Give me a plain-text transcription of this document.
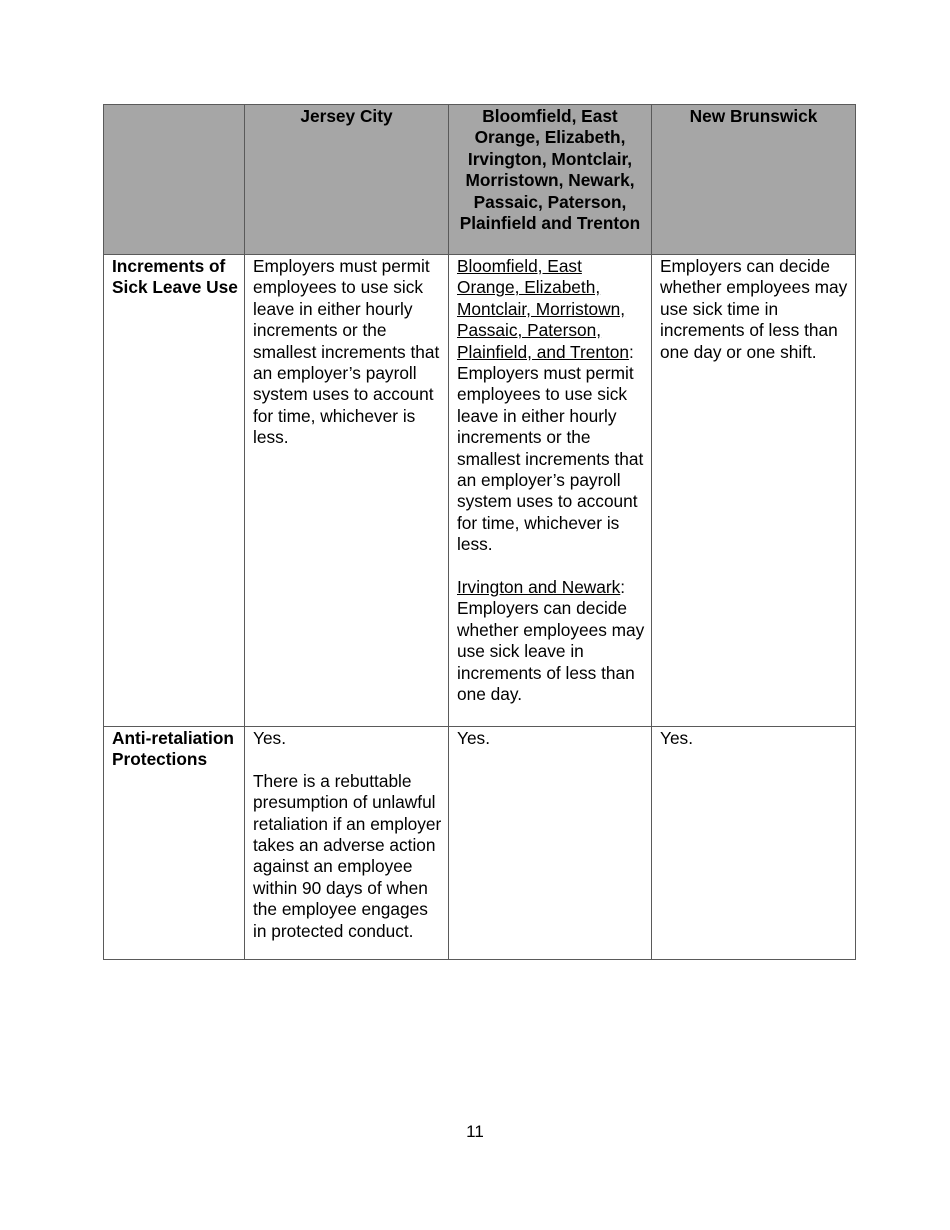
	Jersey City	Bloomfield, East Orange, Elizabeth, Irvington, Montclair, Morristown, Newark, Passaic, Paterson, Plainfield and Trenton	New Brunswick
Increments of Sick Leave Use	Employers must permit employees to use sick leave in either hourly increments or the smallest increments that an employer’s payroll system uses to account for time, whichever is less.	Bloomfield, East Orange, Elizabeth, Montclair, Morristown, Passaic, Paterson, Plainfield, and Trenton: Employers must permit employees to use sick leave in either hourly increments or the smallest increments that an employer’s payroll system uses to account for time, whichever is less.
Irvington and Newark: Employers can decide whether employees may use sick leave in increments of less than one day.	Employers can decide whether employees may use sick time in increments of less than one day or one shift.
Anti-retaliation Protections	Yes.
There is a rebuttable presumption of unlawful retaliation if an employer takes an adverse action against an employee within 90 days of when the employee engages in protected conduct.	Yes.	Yes.
11
